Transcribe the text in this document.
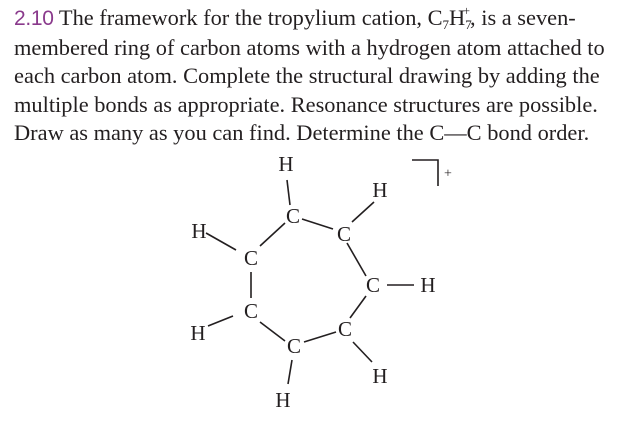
2.10 The framework for the tropylium cation, $C_7H_7^+$, is a seven-
membered ring of carbon atoms with a hydrogen atom attached to
each carbon atom. Complete the structural drawing by adding the
multiple bonds as appropriate. Resonance structures are possible.
Draw as many as you can find. Determine the C—C bond order.
C
C
C
C
C
C
C
H
H
H
H
H
H
H
+
